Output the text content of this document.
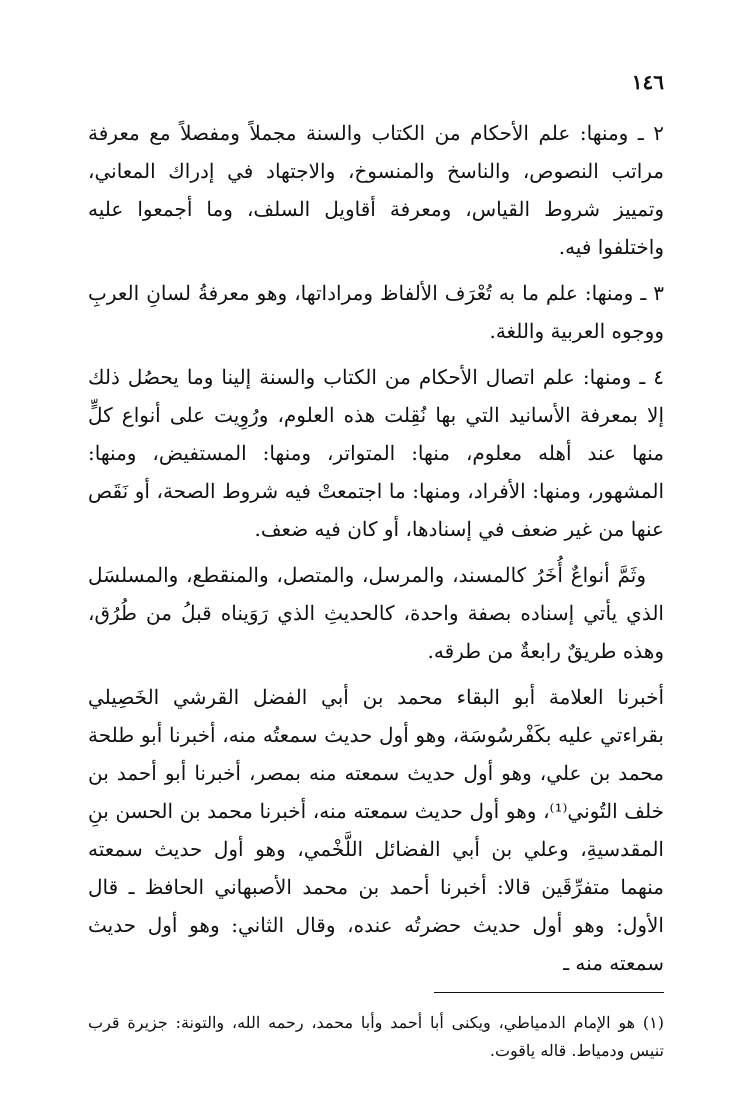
١٤٦

٢ ـ ومنها: علم الأحكام من الكتاب والسنة مجملاً ومفصلاً مع معرفة مراتب النصوص، والناسخ والمنسوخ، والاجتهاد في إدراك المعاني، وتمييز شروط القياس، ومعرفة أقاويل السلف، وما أجمعوا عليه واختلفوا فيه.

٣ ـ ومنها: علم ما به تُعْرَف الألفاظ ومراداتها، وهو معرفةُ لسانِ العربِ ووجوه العربية واللغة.

٤ ـ ومنها: علم اتصال الأحكام من الكتاب والسنة إلينا وما يحصُل ذلك إلا بمعرفة الأسانيد التي بها نُقِلت هذه العلوم، ورُوِيت على أنواع كلٍّ منها عند أهله معلوم، منها: المتواتر، ومنها: المستفيض، ومنها: المشهور، ومنها: الأفراد، ومنها: ما اجتمعتْ فيه شروط الصحة، أو نَقَص عنها من غير ضعف في إسنادها، أو كان فيه ضعف.

وثَمَّ أنواعٌ أُخَرُ كالمسند، والمرسل، والمتصل، والمنقطع، والمسلسَل الذي يأتي إسناده بصفة واحدة، كالحديثِ الذي رَوَيناه قبلُ من طُرُق، وهذه طريقٌ رابعةٌ من طرقه.

أخبرنا العلامة أبو البقاء محمد بن أبي الفضل القرشي الخَصِيلي بقراءتي عليه بكَفْرسُوسَة، وهو أول حديث سمعتُه منه، أخبرنا أبو طلحة محمد بن علي، وهو أول حديث سمعته منه بمصر، أخبرنا أبو أحمد بن خلف التُوني⁽¹⁾، وهو أول حديث سمعته منه، أخبرنا محمد بن الحسن بنِ المقدسيةِ، وعلي بن أبي الفضائل اللَّخْمي، وهو أول حديث سمعته منهما متفرِّقَين قالا: أخبرنا أحمد بن محمد الأصبهاني الحافظ ـ قال الأول: وهو أول حديث حضرتُه عنده، وقال الثاني: وهو أول حديث سمعته منه ـ

(١) هو الإمام الدمياطي، ويكنى أبا أحمد وأبا محمد، رحمه الله، والتونة: جزيرة قرب تنيس ودمياط. قاله ياقوت.
